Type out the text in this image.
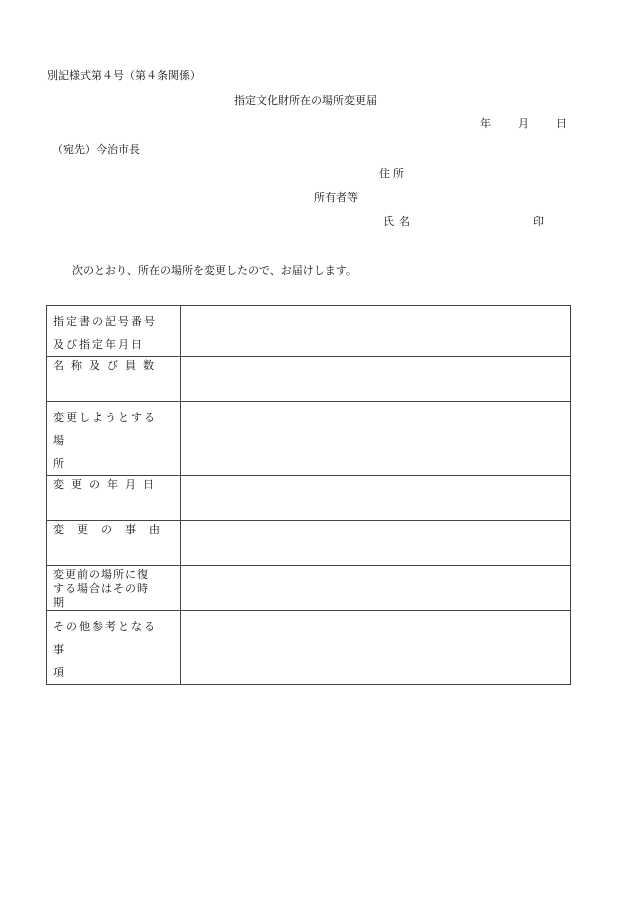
別記様式第４号（第４条関係）
指定文化財所在の場所変更届
年 月 日
（宛先）今治市長
住所
所有者等
氏名	印
次のとおり、所在の場所を変更したので、お届けします。
指定書の記号番号
及び指定年月日	

名称及び員数	

変更しようとする
場所	

変更の年月日	

変更の事由	

変更前の場所に復
する場合はその時
期	

その他参考となる
事項	
